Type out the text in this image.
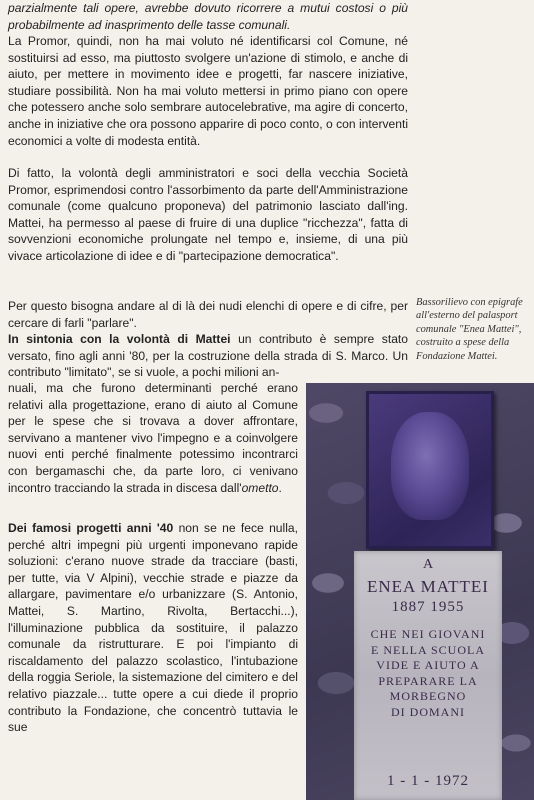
parzialmente tali opere, avrebbe dovuto ricorrere a mutui costosi o più probabilmente ad inasprimento delle tasse comunali.

La Promor, quindi, non ha mai voluto né identificarsi col Comune, né sostituirsi ad esso, ma piuttosto svolgere un'azione di stimolo, e anche di aiuto, per mettere in movimento idee e progetti, far nascere iniziative, studiare possibilità. Non ha mai voluto mettersi in primo piano con opere che potessero anche solo sembrare autocelebrative, ma agire di concerto, anche in iniziative che ora possono apparire di poco conto, o con interventi economici a volte di modesta entità.

Di fatto, la volontà degli amministratori e soci della vecchia Società Promor, esprimendosi contro l'assorbimento da parte dell'Amministrazione comunale (come qualcuno proponeva) del patrimonio lasciato dall'ing. Mattei, ha permesso al paese di fruire di una duplice "ricchezza", fatta di sovvenzioni economiche prolungate nel tempo e, insieme, di una più vivace articolazione di idee e di "partecipazione democratica".

Per questo bisogna andare al di là dei nudi elenchi di opere e di cifre, per cercare di farli "parlare".

In sintonia con la volontà di Mattei un contributo è sempre stato versato, fino agli anni '80, per la costruzione della strada di S. Marco. Un contributo "limitato", se si vuole, a pochi milioni an-

nuali, ma che furono determinanti perché erano relativi alla progettazione, erano di aiuto al Comune per le spese che si trovava a dover affrontare, servivano a mantener vivo l'impegno e a coinvolgere nuovi enti perché finalmente potessimo incontrarci con bergamaschi che, da parte loro, ci venivano incontro tracciando la strada in discesa dall'ometto.

Dei famosi progetti anni '40 non se ne fece nulla, perché altri impegni più urgenti imponevano rapide soluzioni: c'erano nuove strade da tracciare (basti, per tutte, via V Alpini), vecchie strade e piazze da allargare, pavimentare e/o urbanizzare (S. Antonio, Mattei, S. Martino, Rivolta, Bertacchi...), l'illuminazione pubblica da sostituire, il palazzo comunale da ristrutturare. E poi l'impianto di riscaldamento del palazzo scolastico, l'intubazione della roggia Seriole, la sistemazione del cimitero e del relativo piazzale... tutte opere a cui diede il proprio contributo la Fondazione, che concentrò tuttavia le sue

Bassorilievo con epigrafe all'esterno del palasport comunale "Enea Mattei", costruito a spese della Fondazione Mattei.
A
ENEA MATTEI
1887 1955
CHE NEI GIOVANI
E NELLA SCUOLA
VIDE E AIUTO A
PREPARARE LA
MORBEGNO
DI DOMANI
1 - 1 - 1972
